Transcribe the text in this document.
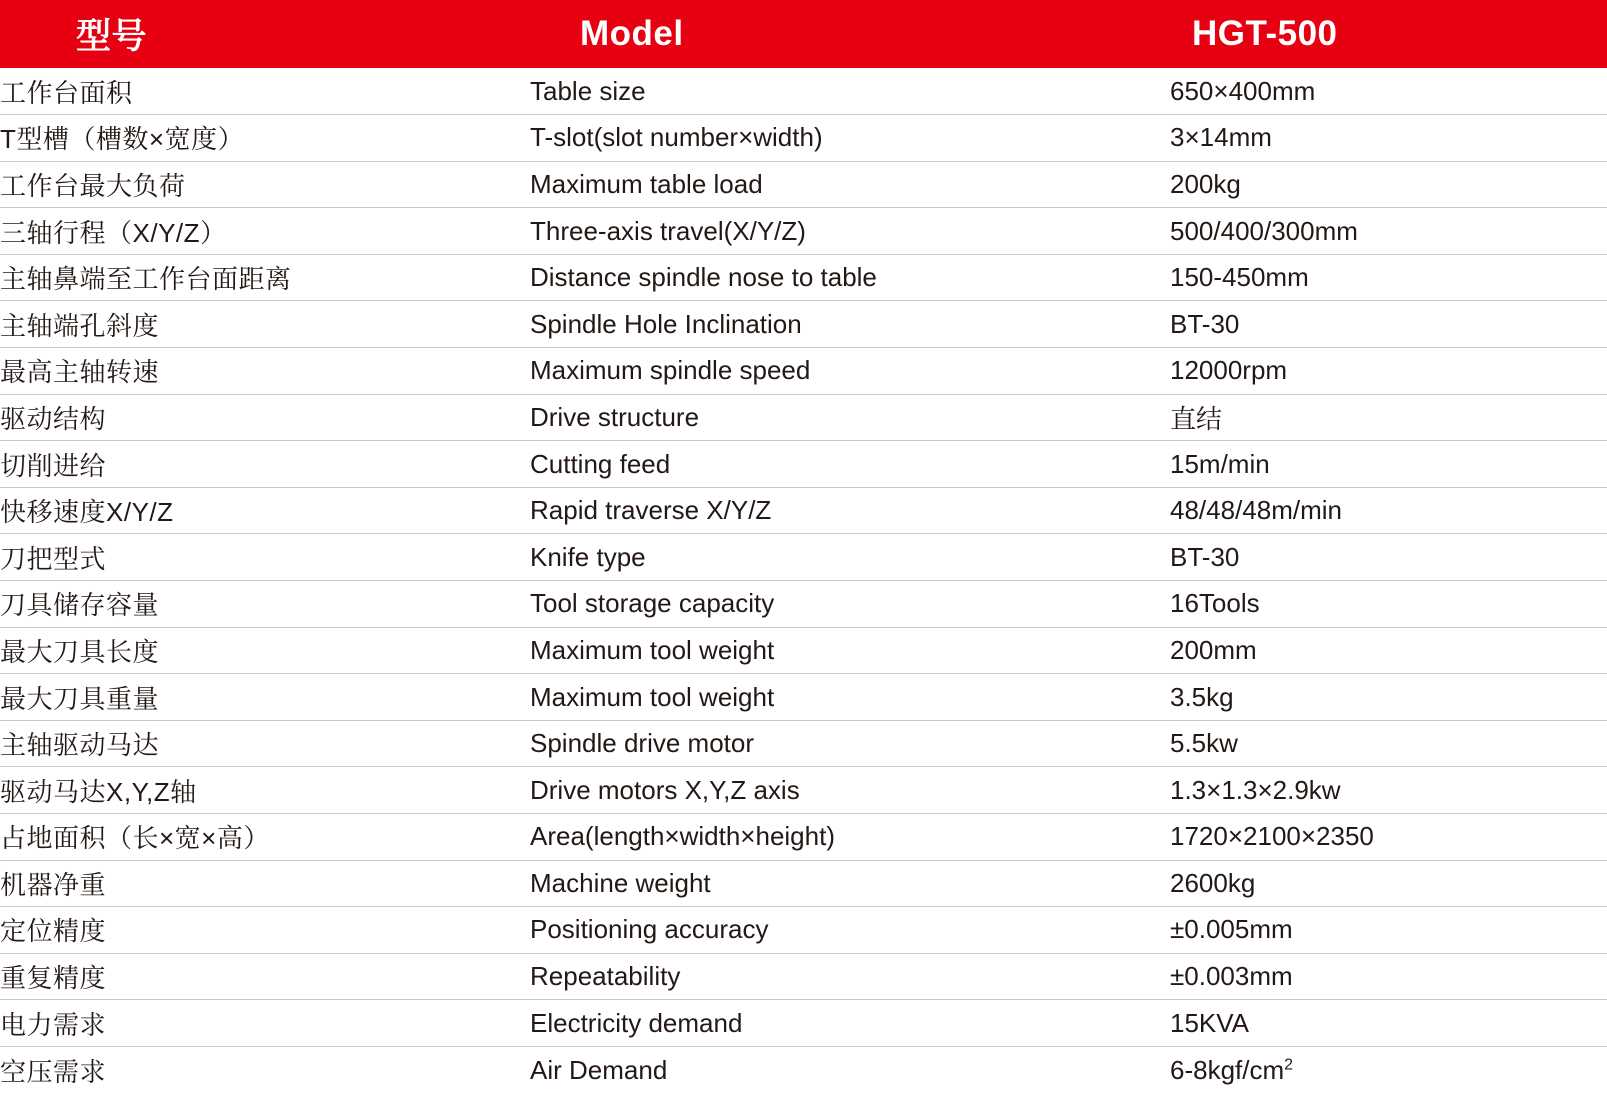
型号	Model	HGT-500
工作台面积	Table size	650×400mm
T型槽（槽数×宽度）	T-slot(slot number×width)	3×14mm
工作台最大负荷	Maximum table load	200kg
三轴行程（X/Y/Z）	Three-axis travel(X/Y/Z)	500/400/300mm
主轴鼻端至工作台面距离	Distance spindle nose to table	150-450mm
主轴端孔斜度	Spindle Hole Inclination	BT-30
最高主轴转速	Maximum spindle speed	12000rpm
驱动结构	Drive structure	直结
切削进给	Cutting feed	15m/min
快移速度X/Y/Z	Rapid traverse X/Y/Z	48/48/48m/min
刀把型式	Knife type	BT-30
刀具储存容量	Tool storage capacity	16Tools
最大刀具长度	Maximum tool weight	200mm
最大刀具重量	Maximum tool weight	3.5kg
主轴驱动马达	Spindle drive motor	5.5kw
驱动马达X,Y,Z轴	Drive motors X,Y,Z axis	1.3×1.3×2.9kw
占地面积（长×宽×高）	Area(length×width×height)	1720×2100×2350
机器净重	Machine weight	2600kg
定位精度	Positioning accuracy	±0.005mm
重复精度	Repeatability	±0.003mm
电力需求	Electricity demand	15KVA
空压需求	Air Demand	$6-8kgf/cm^2$
